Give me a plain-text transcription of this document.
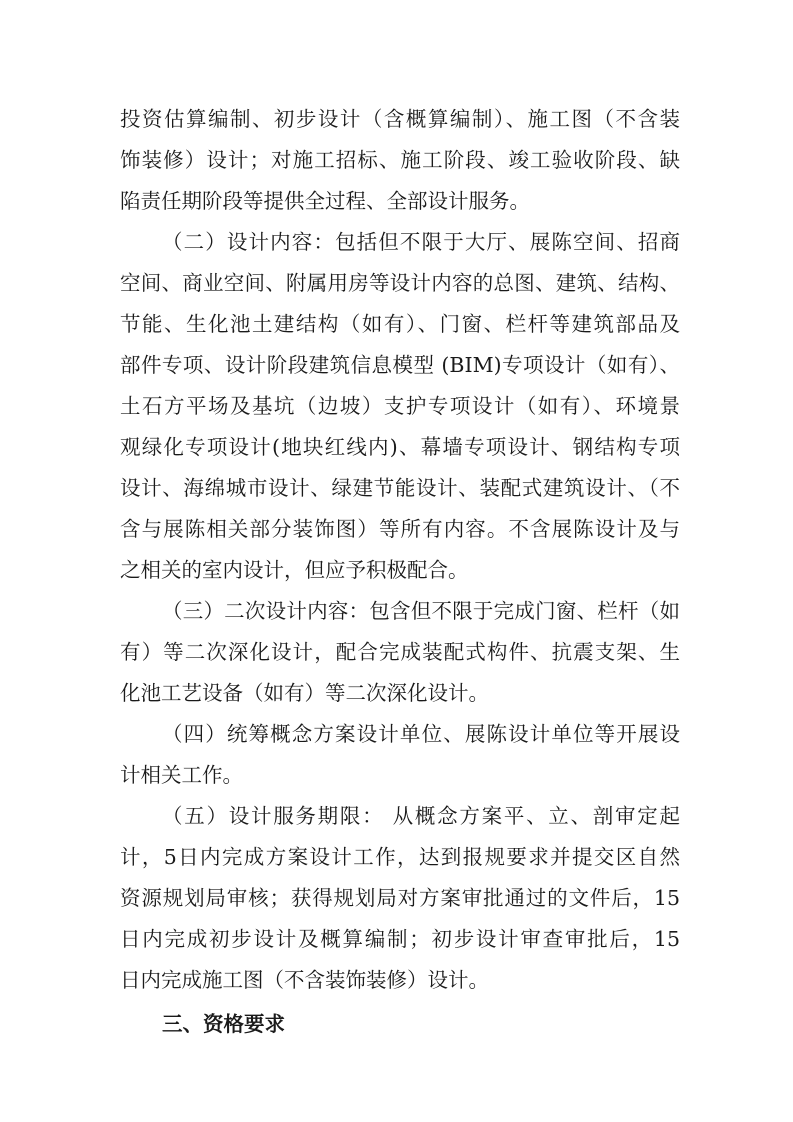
投资估算编制、初步设计（含概算编制）、施工图（不含装
饰装修）设计；对施工招标、施工阶段、竣工验收阶段、缺
陷责任期阶段等提供全过程、全部设计服务。
（二）设计内容：包括但不限于大厅、展陈空间、招商
空间、商业空间、附属用房等设计内容的总图、建筑、结构、
节能、生化池土建结构（如有）、门窗、栏杆等建筑部品及
部件专项、设计阶段建筑信息模型 (BIM)专项设计（如有）、
土石方平场及基坑（边坡）支护专项设计（如有）、环境景
观绿化专项设计(地块红线内)、幕墙专项设计、钢结构专项
设计、海绵城市设计、绿建节能设计、装配式建筑设计、（不
含与展陈相关部分装饰图）等所有内容。不含展陈设计及与
之相关的室内设计，但应予积极配合。
（三）二次设计内容：包含但不限于完成门窗、栏杆（如
有）等二次深化设计，配合完成装配式构件、抗震支架、生
化池工艺设备（如有）等二次深化设计。
（四）统筹概念方案设计单位、展陈设计单位等开展设
计相关工作。
（五）设计服务期限： 从概念方案平、立、剖审定起
计，5日内完成方案设计工作，达到报规要求并提交区自然
资源规划局审核；获得规划局对方案审批通过的文件后，15
日内完成初步设计及概算编制；初步设计审查审批后，15
日内完成施工图（不含装饰装修）设计。
三、资格要求
